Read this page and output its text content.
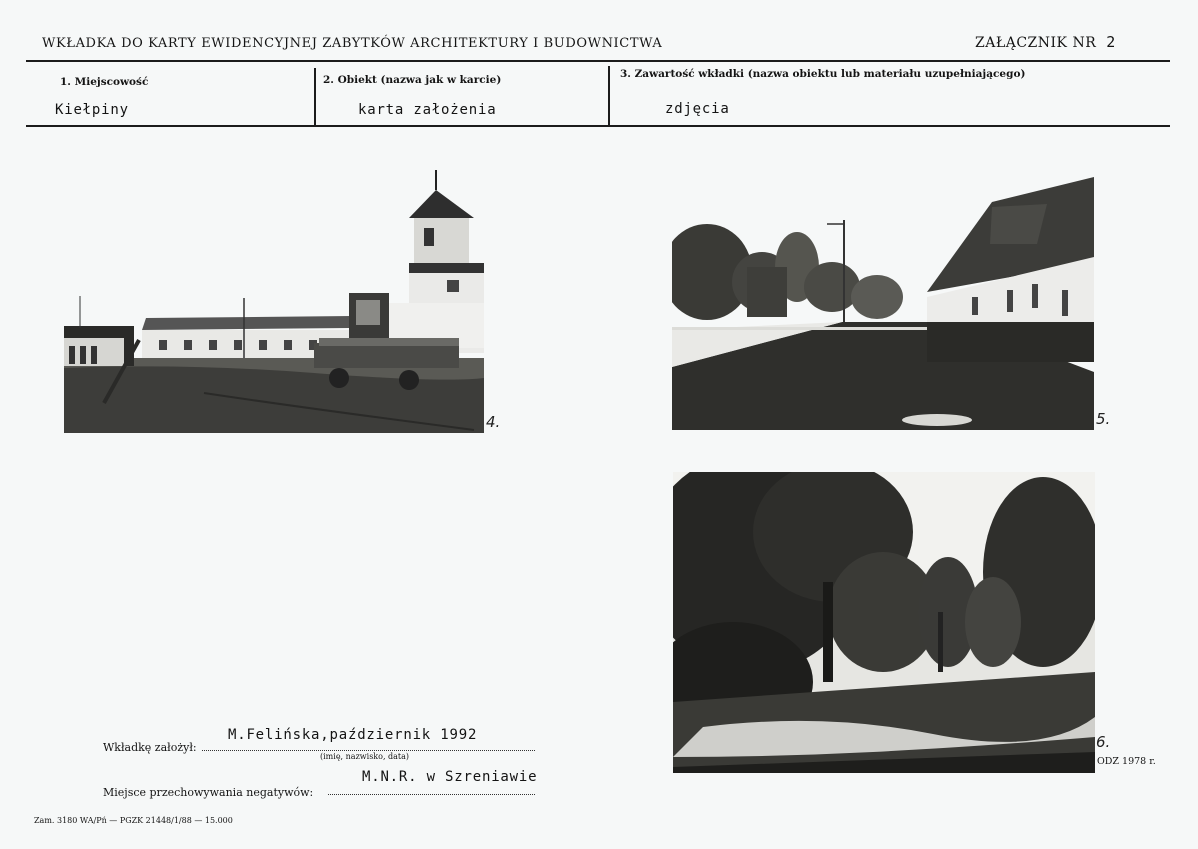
WKŁADKA DO KARTY EWIDENCYJNEJ ZABYTKÓW ARCHITEKTURY I BUDOWNICTWA	ZAŁĄCZNIK NR 2
1. Miejscowość
Kiełpiny
2. Obiekt (nazwa jak w karcie)
karta założenia
3. Zawartość wkładki (nazwa obiektu lub materiału uzupełniającego)
zdjęcia
4.	5.
6.
ODZ 1978 r.
Wkładkę założył:
M.Felińska,październik 1992
(imię, nazwisko, data)
Miejsce przechowywania negatywów:
M.N.R. w Szreniawie
Zam. 3180 WA/Pń — PGZK 21448/1/88 — 15.000
